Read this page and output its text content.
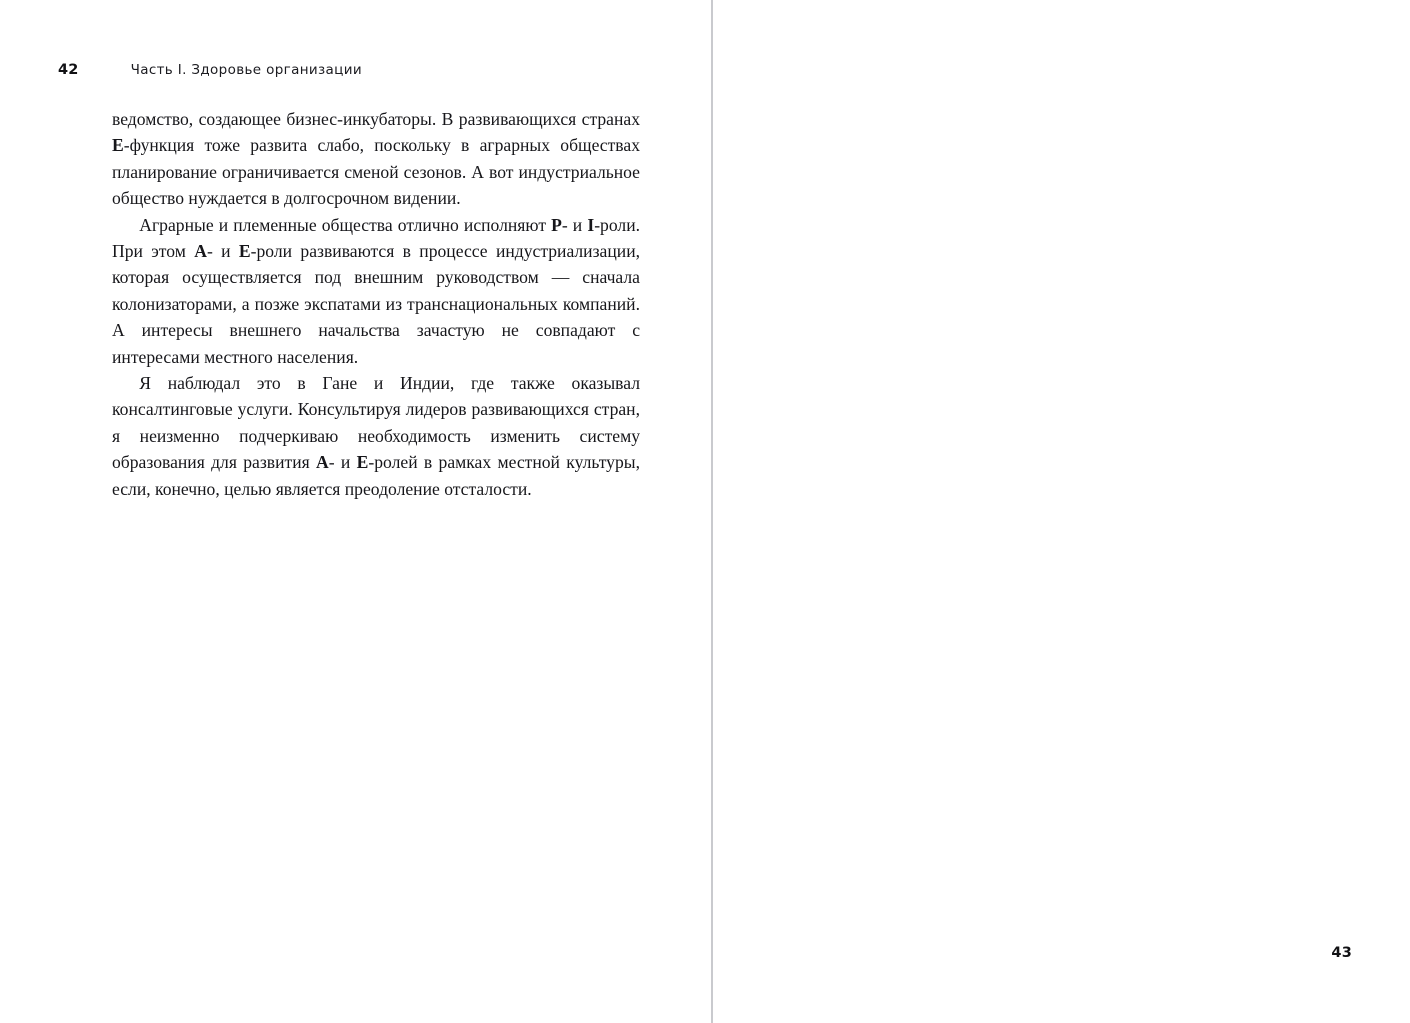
42	Часть I. Здоровье организации

ведомство, создающее бизнес-инкубаторы. В развивающихся странах E-функция тоже развита слабо, поскольку в аграрных обществах планирование ограничивается сменой сезонов. А вот индустриальное общество нуждается в долгосрочном видении.

Аграрные и племенные общества отлично исполняют P- и I-роли. При этом A- и E-роли развиваются в процессе индустриализации, которая осуществляется под внешним руководством — сначала колонизаторами, а позже экспатами из транснациональных компаний. А интересы внешнего начальства зачастую не совпадают с интересами местного населения.

Я наблюдал это в Гане и Индии, где также оказывал консалтинговые услуги. Консультируя лидеров развивающихся стран, я неизменно подчеркиваю необходимость изменить систему образования для развития A- и E-ролей в рамках местной культуры, если, конечно, целью является преодоление отсталости.

43
